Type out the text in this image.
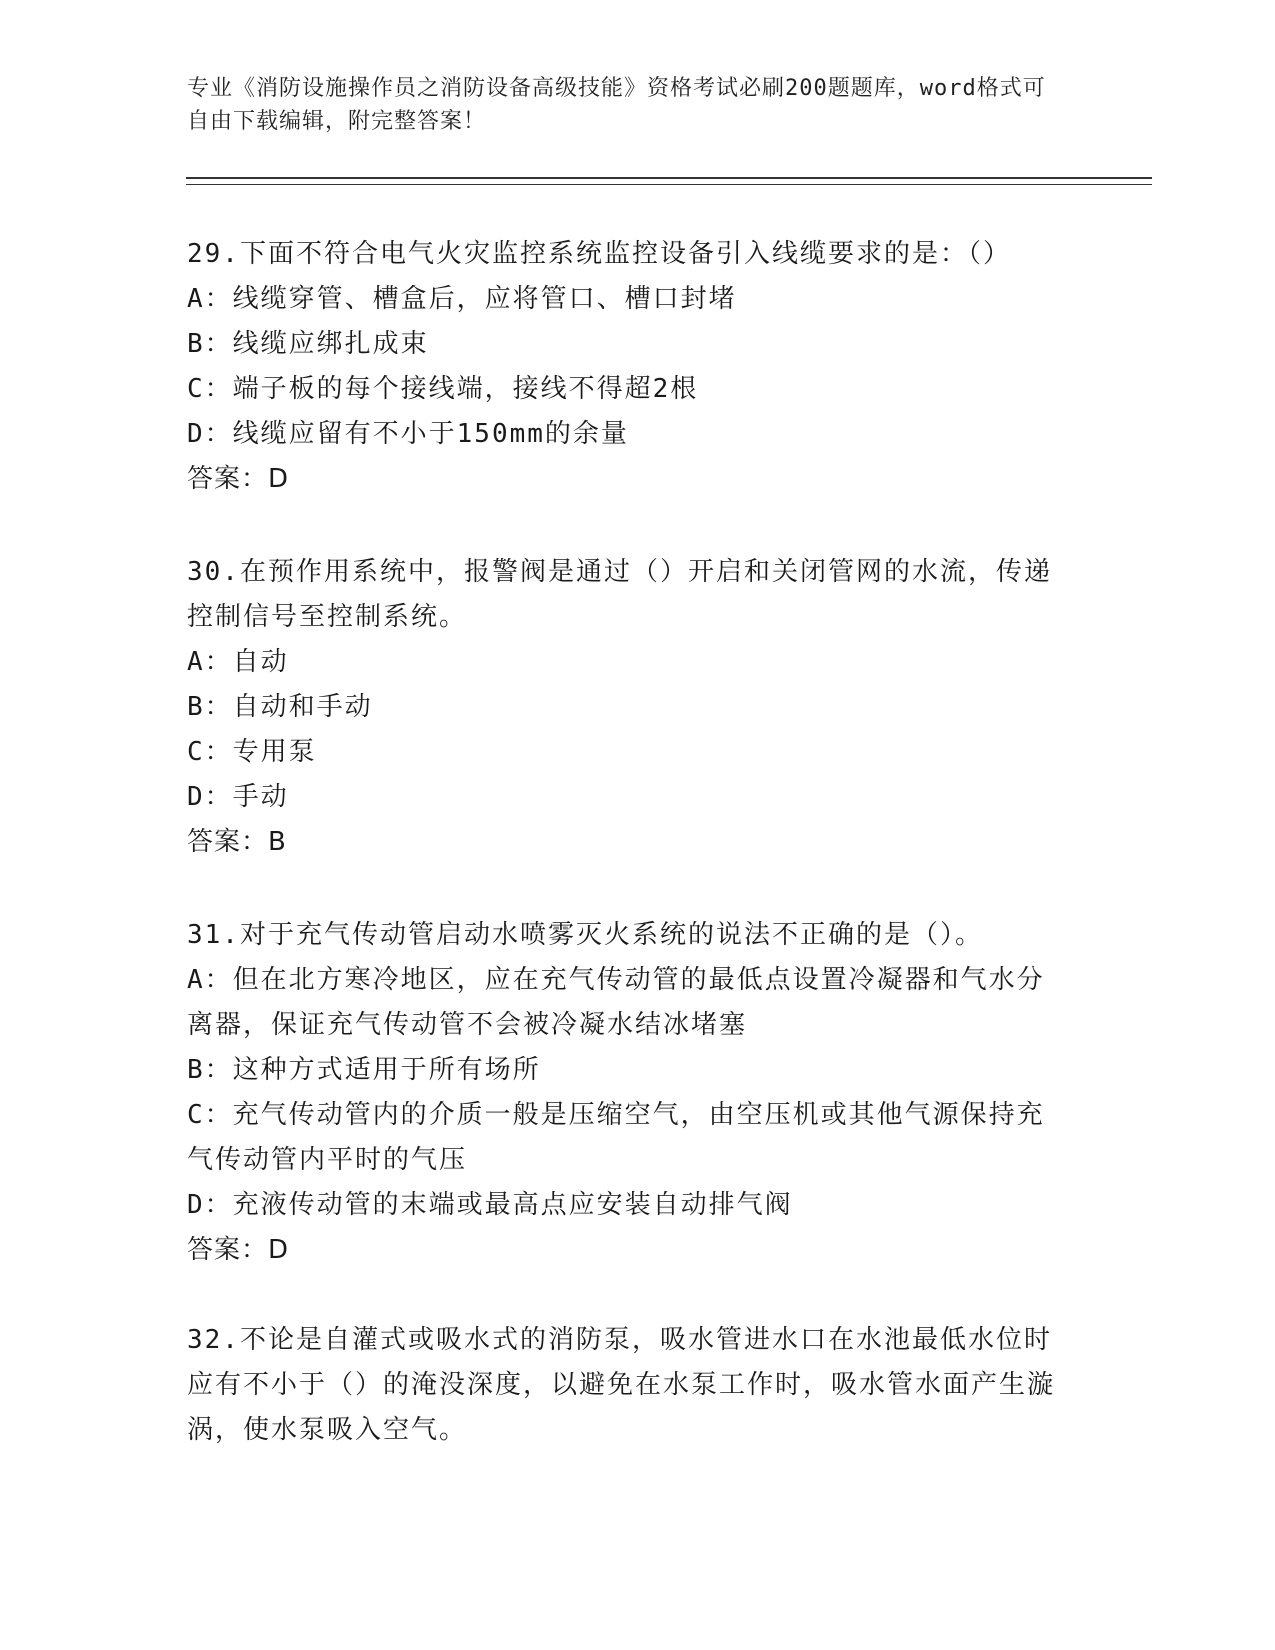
专业《消防设施操作员之消防设备高级技能》资格考试必刷200题题库，word格式可自由下载编辑，附完整答案！

29.下面不符合电气火灾监控系统监控设备引入线缆要求的是：（）

A：线缆穿管、槽盒后，应将管口、槽口封堵

B：线缆应绑扎成束

C：端子板的每个接线端，接线不得超2根

D：线缆应留有不小于150mm的余量

答案：D

30.在预作用系统中，报警阀是通过（）开启和关闭管网的水流，传递控制信号至控制系统。

A：自动

B：自动和手动

C：专用泵

D：手动

答案：B

31.对于充气传动管启动水喷雾灭火系统的说法不正确的是（）。

A：但在北方寒冷地区，应在充气传动管的最低点设置冷凝器和气水分离器，保证充气传动管不会被冷凝水结冰堵塞

B：这种方式适用于所有场所

C：充气传动管内的介质一般是压缩空气，由空压机或其他气源保持充气传动管内平时的气压

D：充液传动管的末端或最高点应安装自动排气阀

答案：D

32.不论是自灌式或吸水式的消防泵，吸水管进水口在水池最低水位时应有不小于（）的淹没深度，以避免在水泵工作时，吸水管水面产生漩涡，使水泵吸入空气。
